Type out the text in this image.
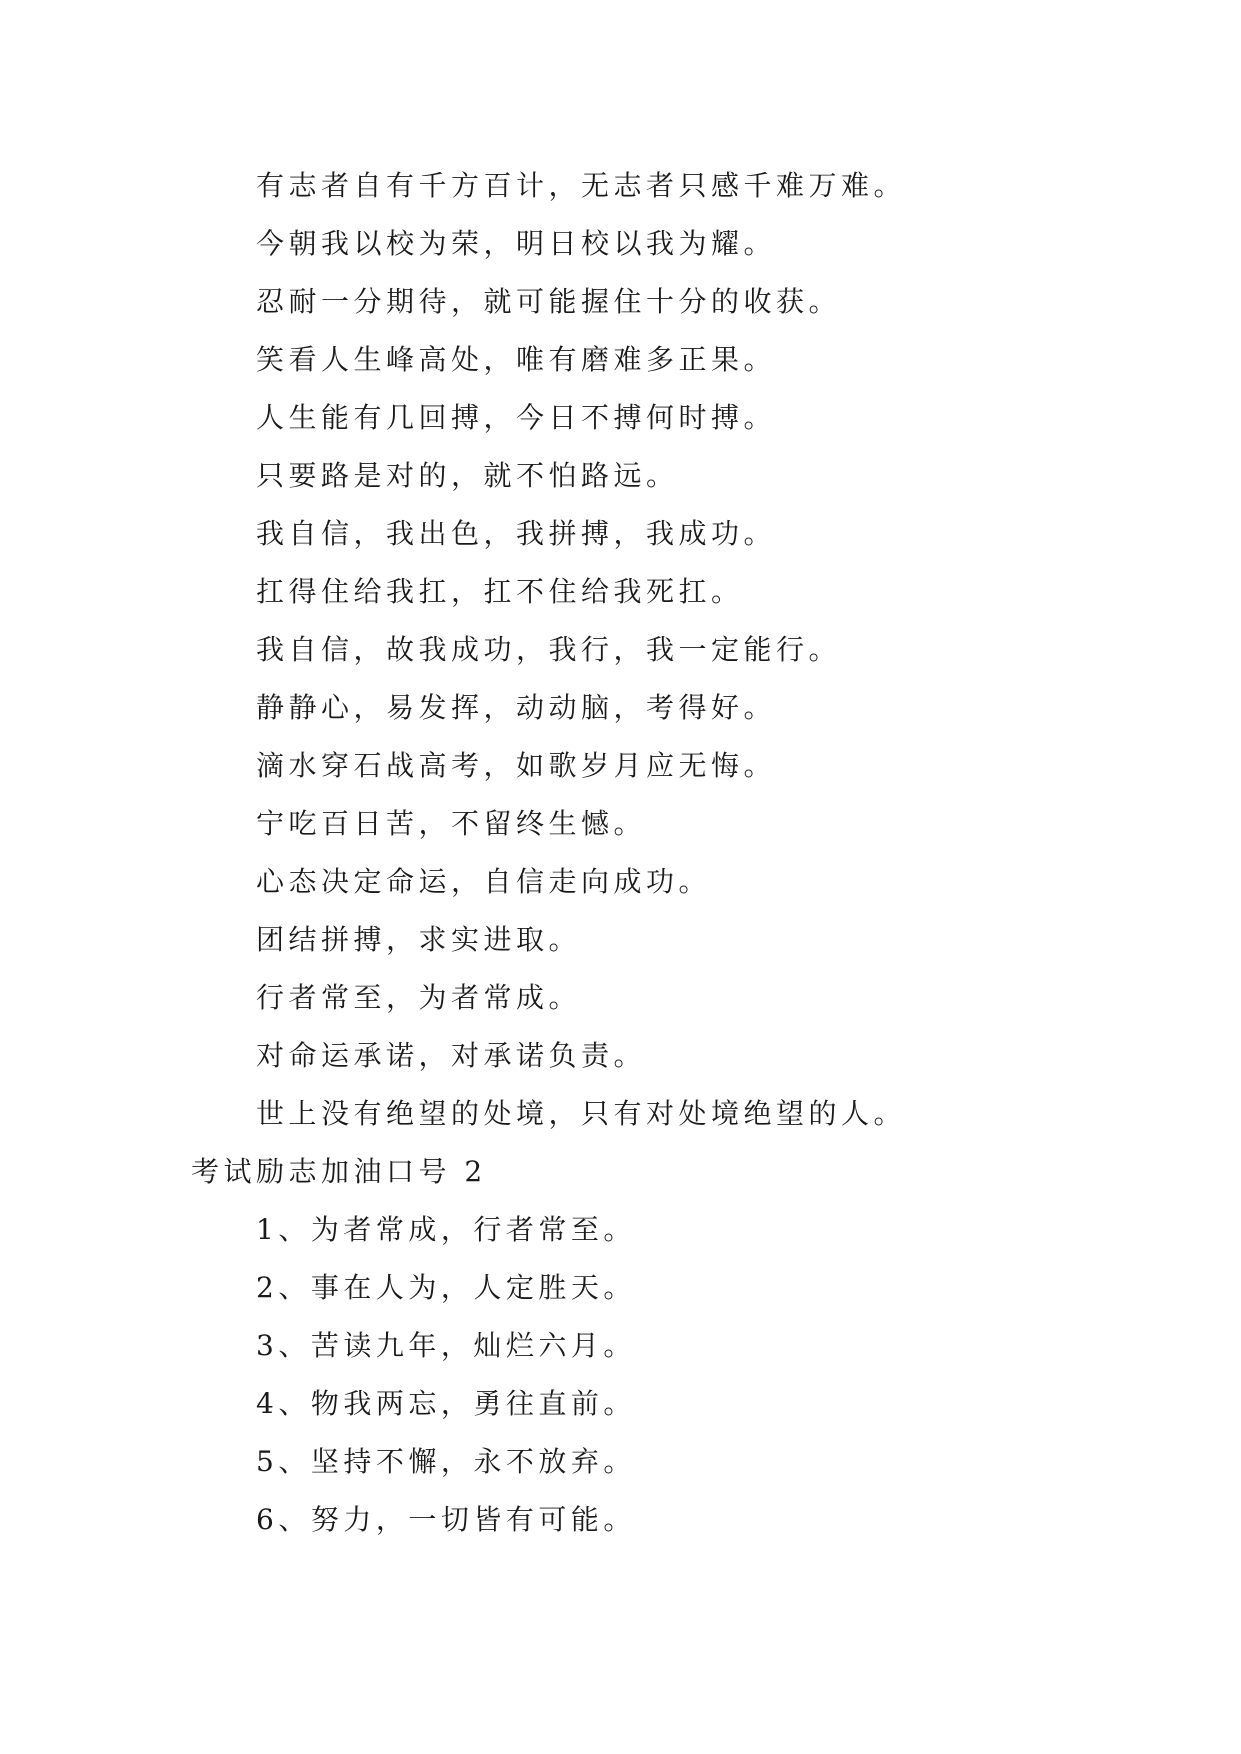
有志者自有千方百计，无志者只感千难万难。
今朝我以校为荣，明日校以我为耀。
忍耐一分期待，就可能握住十分的收获。
笑看人生峰高处，唯有磨难多正果。
人生能有几回搏，今日不搏何时搏。
只要路是对的，就不怕路远。
我自信，我出色，我拼搏，我成功。
扛得住给我扛，扛不住给我死扛。
我自信，故我成功，我行，我一定能行。
静静心，易发挥，动动脑，考得好。
滴水穿石战高考，如歌岁月应无悔。
宁吃百日苦，不留终生憾。
心态决定命运，自信走向成功。
团结拼搏，求实进取。
行者常至，为者常成。
对命运承诺，对承诺负责。
世上没有绝望的处境，只有对处境绝望的人。
考试励志加油口号 2
1、为者常成，行者常至。
2、事在人为，人定胜天。
3、苦读九年，灿烂六月。
4、物我两忘，勇往直前。
5、坚持不懈，永不放弃。
6、努力，一切皆有可能。
